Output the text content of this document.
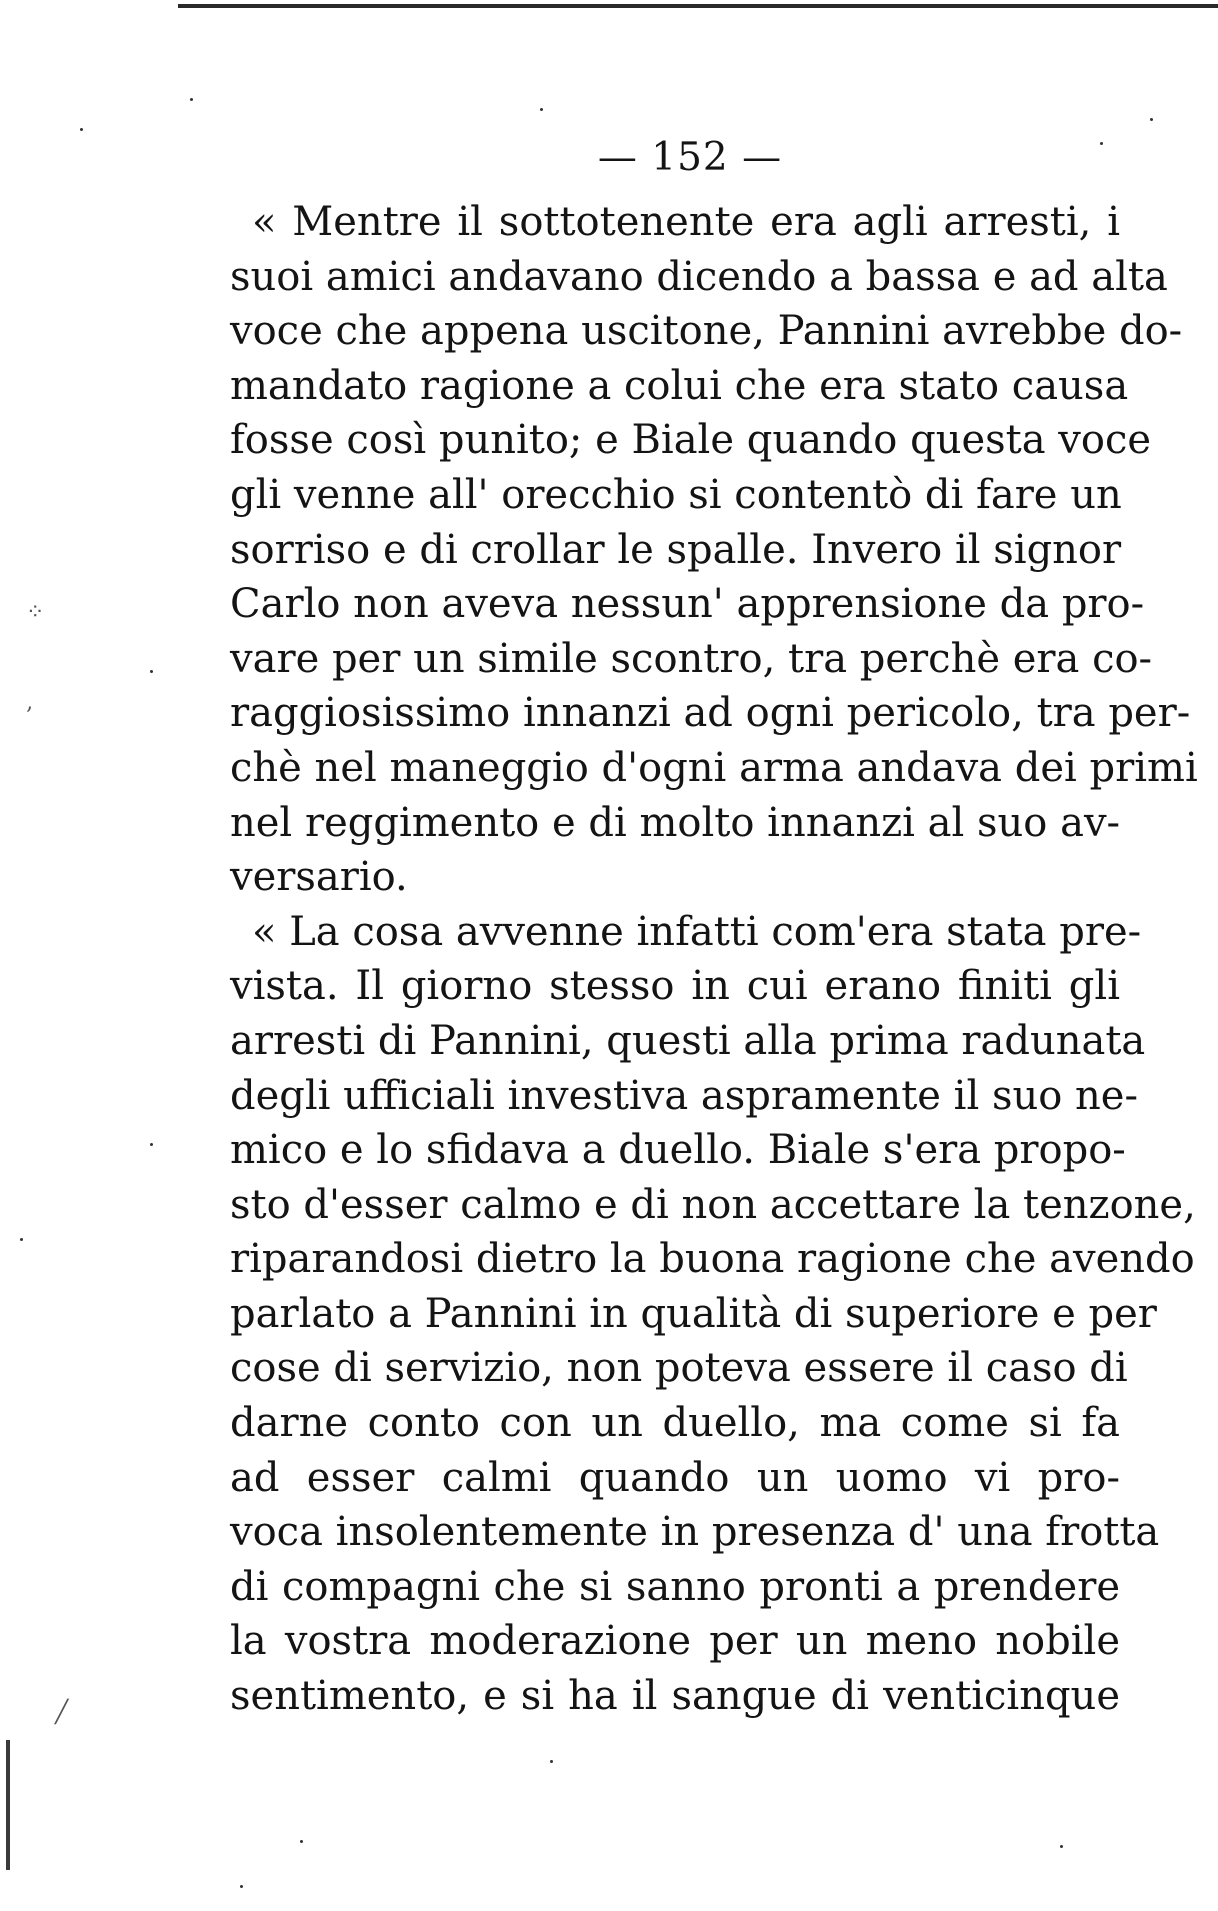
— 152 —
« Mentre il sottotenente era agli arresti, i
suoi amici andavano dicendo a bassa e ad alta
voce che appena uscitone, Pannini avrebbe do-
mandato ragione a colui che era stato causa
fosse così punito; e Biale quando questa voce
gli venne all' orecchio si contentò di fare un
sorriso e di crollar le spalle. Invero il signor
Carlo non aveva nessun' apprensione da pro-
vare per un simile scontro, tra perchè era co-
raggiosissimo innanzi ad ogni pericolo, tra per-
chè nel maneggio d'ogni arma andava dei primi
nel reggimento e di molto innanzi al suo av-
versario.
« La cosa avvenne infatti com'era stata pre-
vista. Il giorno stesso in cui erano finiti gli
arresti di Pannini, questi alla prima radunata
degli ufficiali investiva aspramente il suo ne-
mico e lo sfidava a duello. Biale s'era propo-
sto d'esser calmo e di non accettare la tenzone,
riparandosi dietro la buona ragione che avendo
parlato a Pannini in qualità di superiore e per
cose di servizio, non poteva essere il caso di
darne conto con un duello, ma come si fa
ad esser calmi quando un uomo vi pro-
voca insolentemente in presenza d' una frotta
di compagni che si sanno pronti a prendere
la vostra moderazione per un meno nobile
sentimento, e si ha il sangue di venticinque
⁘
‚
╱
